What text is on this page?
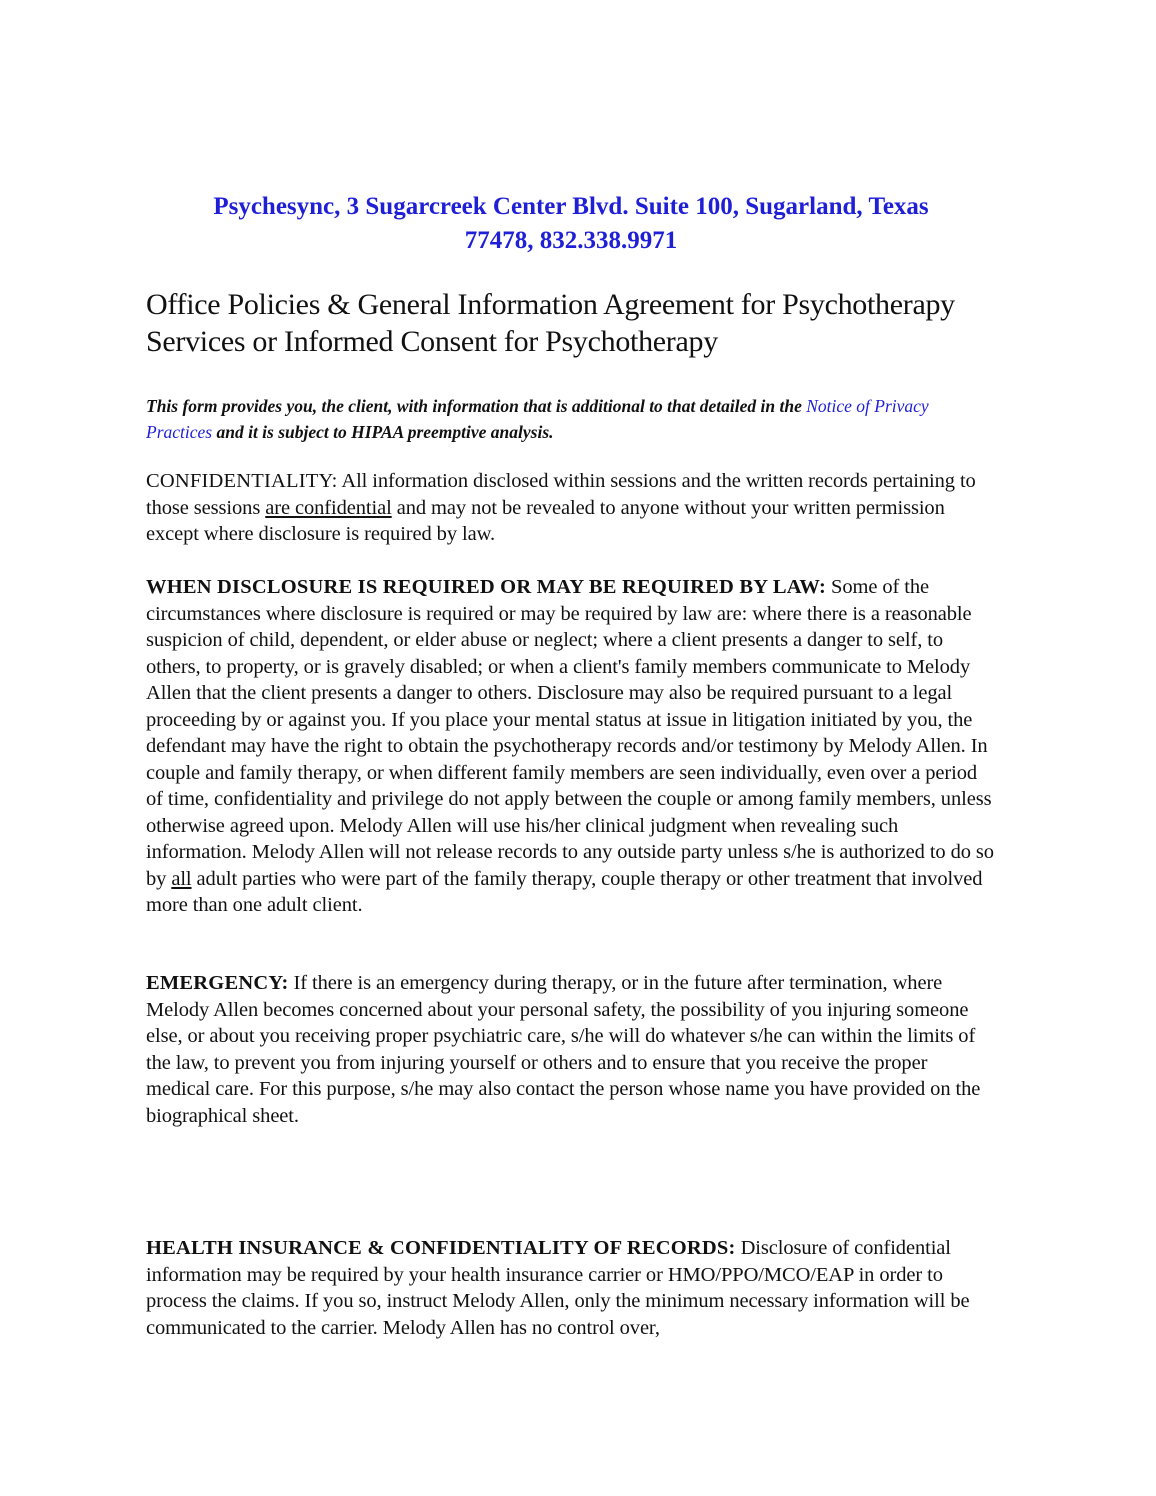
Psychesync, 3 Sugarcreek Center Blvd. Suite 100, Sugarland, Texas
77478, 832.338.9971
Office Policies & General Information Agreement for Psychotherapy
Services or Informed Consent for Psychotherapy

This form provides you, the client, with information that is additional to that detailed in the Notice of Privacy Practices and it is subject to HIPAA preemptive analysis.

CONFIDENTIALITY: All information disclosed within sessions and the written records pertaining to those sessions are confidential and may not be revealed to anyone without your written permission except where disclosure is required by law.

WHEN DISCLOSURE IS REQUIRED OR MAY BE REQUIRED BY LAW: Some of the circumstances where disclosure is required or may be required by law are: where there is a reasonable suspicion of child, dependent, or elder abuse or neglect; where a client presents a danger to self, to others, to property, or is gravely disabled; or when a client's family members communicate to Melody Allen that the client presents a danger to others. Disclosure may also be required pursuant to a legal proceeding by or against you. If you place your mental status at issue in litigation initiated by you, the defendant may have the right to obtain the psychotherapy records and/or testimony by Melody Allen. In couple and family therapy, or when different family members are seen individually, even over a period of time, confidentiality and privilege do not apply between the couple or among family members, unless otherwise agreed upon. Melody Allen will use his/her clinical judgment when revealing such information. Melody Allen will not release records to any outside party unless s/he is authorized to do so by all adult parties who were part of the family therapy, couple therapy or other treatment that involved more than one adult client.

EMERGENCY: If there is an emergency during therapy, or in the future after termination, where Melody Allen becomes concerned about your personal safety, the possibility of you injuring someone else, or about you receiving proper psychiatric care, s/he will do whatever s/he can within the limits of the law, to prevent you from injuring yourself or others and to ensure that you receive the proper medical care. For this purpose, s/he may also contact the person whose name you have provided on the biographical sheet.

HEALTH INSURANCE & CONFIDENTIALITY OF RECORDS: Disclosure of confidential information may be required by your health insurance carrier or HMO/PPO/MCO/EAP in order to process the claims. If you so, instruct Melody Allen, only the minimum necessary information will be communicated to the carrier. Melody Allen has no control over,
